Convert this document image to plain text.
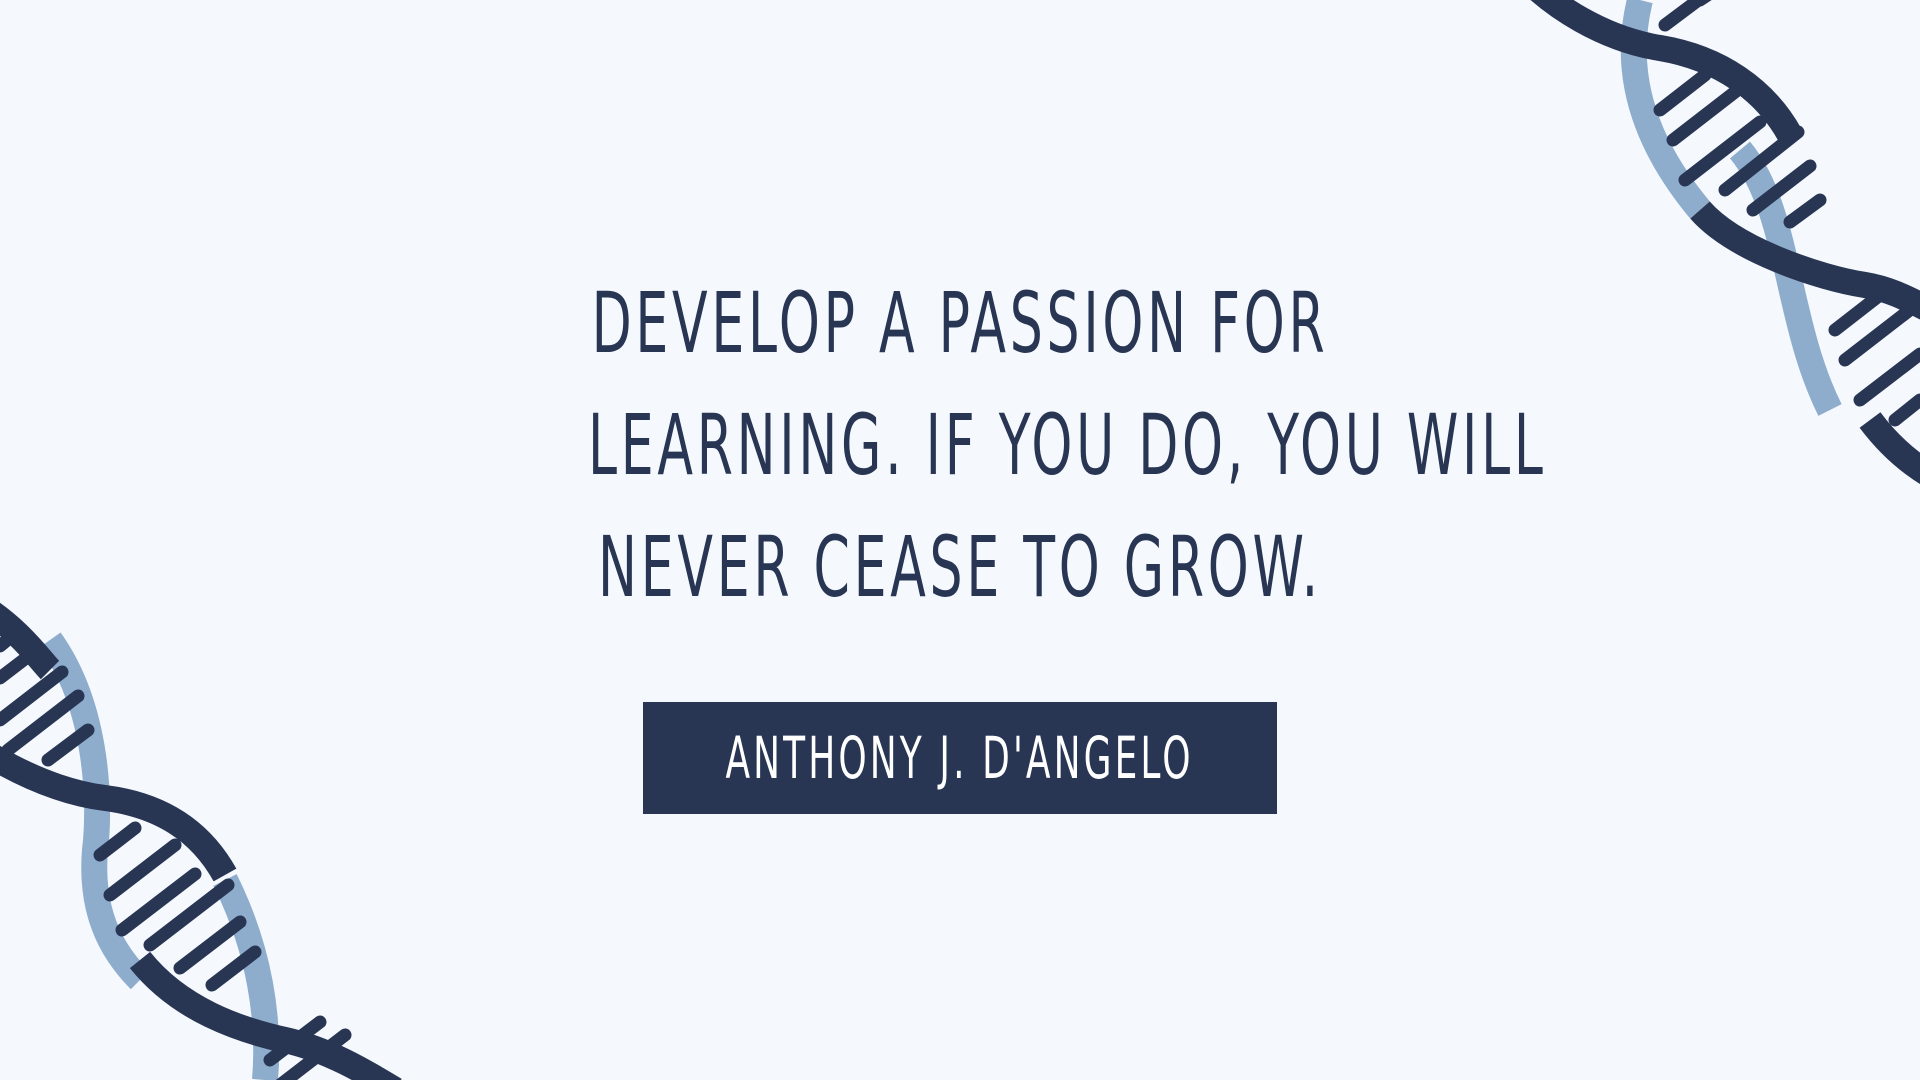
DEVELOP A PASSION FOR
LEARNING. IF YOU DO, YOU WILL
NEVER CEASE TO GROW.
ANTHONY J. D'ANGELO
